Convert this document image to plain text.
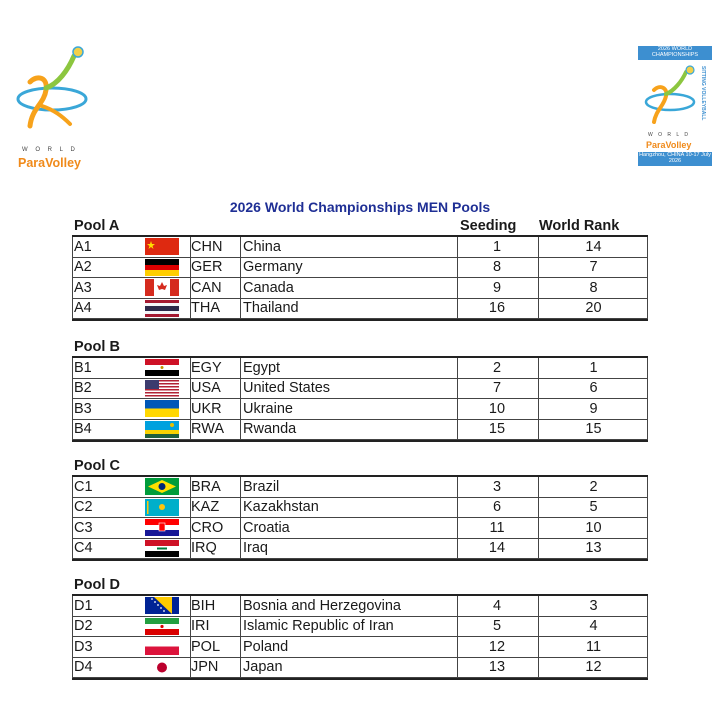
W O R L D
ParaVolley
2026 WORLD CHAMPIONSHIPS
SITTING VOLLEYBALL
W O R L D
ParaVolley
Hangzhou, CHINA 10-17 July 2026
2026 World Championships MEN Pools
Pool A	Seeding World Rank
A1	CHN China	1	14
A2	GER Germany	8	7
A3	CAN Canada	9	8
A4	THA Thailand	16	20
Pool B
B1	EGY Egypt	2	1
B2	USA United States	7	6
B3	UKR Ukraine	10	9
B4	RWA Rwanda	15	15
Pool C
C1	BRA Brazil	3	2
C2	KAZ Kazakhstan	6	5
C3	CRO Croatia	11	10
C4	IRQ Iraq	14	13
Pool D
D1	BIH Bosnia and Herzegovina	4	3
D2	IRI Islamic Republic of Iran	5	4
D3	POL Poland	12	11
D4	JPN Japan	13	12
